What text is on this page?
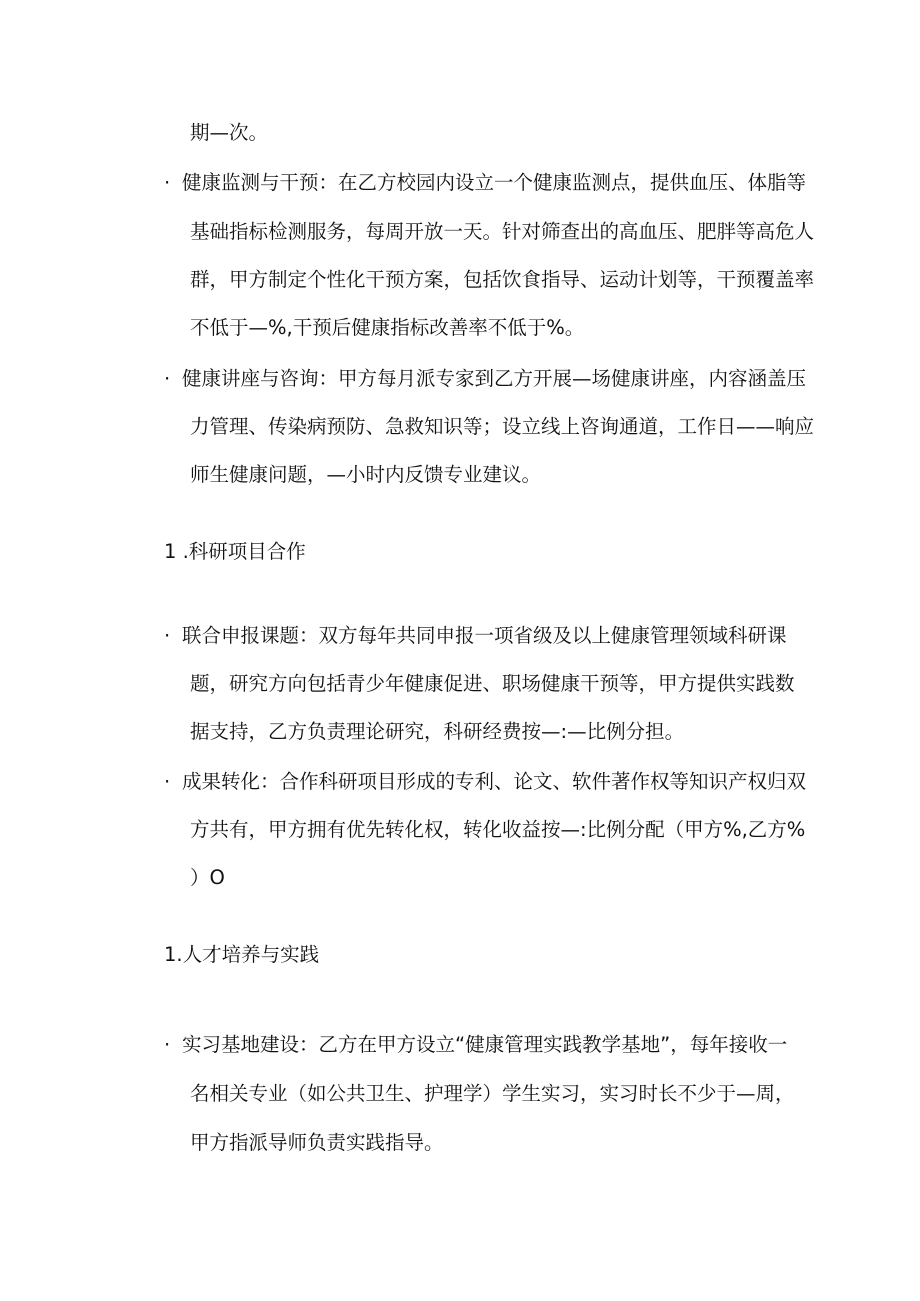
期—次。
· 健康监测与干预：在乙方校园内设立一个健康监测点，提供血压、体脂等
基础指标检测服务，每周开放一天。针对筛查出的高血压、肥胖等高危人
群，甲方制定个性化干预方案，包括饮食指导、运动计划等，干预覆盖率
不低于—%,干预后健康指标改善率不低于%。
· 健康讲座与咨询：甲方每月派专家到乙方开展—场健康讲座，内容涵盖压
力管理、传染病预防、急救知识等；设立线上咨询通道，工作日——响应
师生健康问题，—小时内反馈专业建议。
1 .科研项目合作
· 联合申报课题：双方每年共同申报一项省级及以上健康管理领域科研课
题，研究方向包括青少年健康促进、职场健康干预等，甲方提供实践数
据支持，乙方负责理论研究，科研经费按—:—比例分担。
· 成果转化：合作科研项目形成的专利、论文、软件著作权等知识产权归双
方共有，甲方拥有优先转化权，转化收益按—:比例分配（甲方%,乙方%
）O
1.人才培养与实践
· 实习基地建设：乙方在甲方设立“健康管理实践教学基地”，每年接收一
名相关专业（如公共卫生、护理学）学生实习，实习时长不少于—周，
甲方指派导师负责实践指导。
